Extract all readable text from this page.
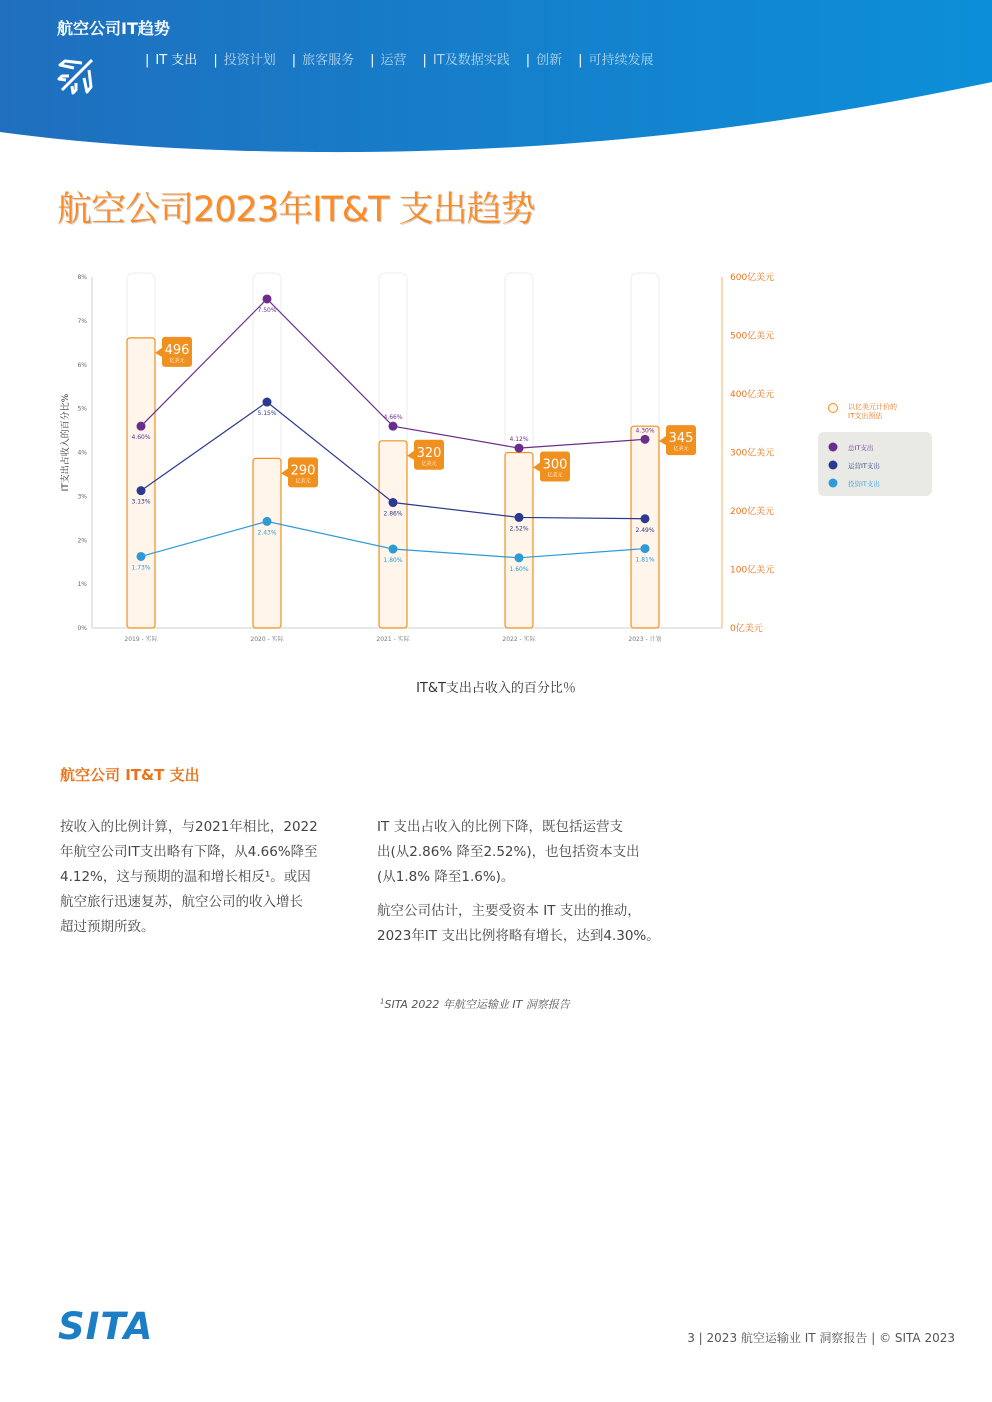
航空公司IT趋势
| IT 支出 | 投资计划 | 旅客服务 | 运营 | IT及数据实践 | 创新 | 可持续发展
航空公司2023年IT&T 支出趋势
0%
1%
2%
3%
4%
5%
6%
7%
8%
0亿美元
100亿美元
200亿美元
300亿美元
400亿美元
500亿美元
600亿美元
IT支出占收入的百分比%
2019 - 实际	2020 - 实际	2021 - 实际	2022 - 实际	2023 - 计划
4.60%
7.50%
4.66%
4.12%
4.30%
3.13%
5.15%
2.86%
2.52%	2.49%
1.73%
2.43%
1.80%
1.60%
1.81%
496
亿美元
290
亿美元
320
亿美元	300
亿美元
345
亿美元
以亿美元计价的
IT支出预估
总IT支出
运营IT支出
投资IT支出
IT&T支出占收入的百分比％
航空公司 IT&T 支出

按收入的比例计算，与2021年相比，2022
年航空公司IT支出略有下降，从4.66%降至
4.12%，这与预期的温和增长相反¹。或因
航空旅行迅速复苏，航空公司的收入增长
超过预期所致。

IT 支出占收入的比例下降，既包括运营支
出(从2.86% 降至2.52%)，也包括资本支出
(从1.8% 降至1.6%)。

航空公司估计，主要受资本 IT 支出的推动，
2023年IT 支出比例将略有增长，达到4.30%。

$^1$SITA 2022 年航空运输业 IT 洞察报告
SITA	3 | 2023 航空运输业 IT 洞察报告 | © SITA 2023
